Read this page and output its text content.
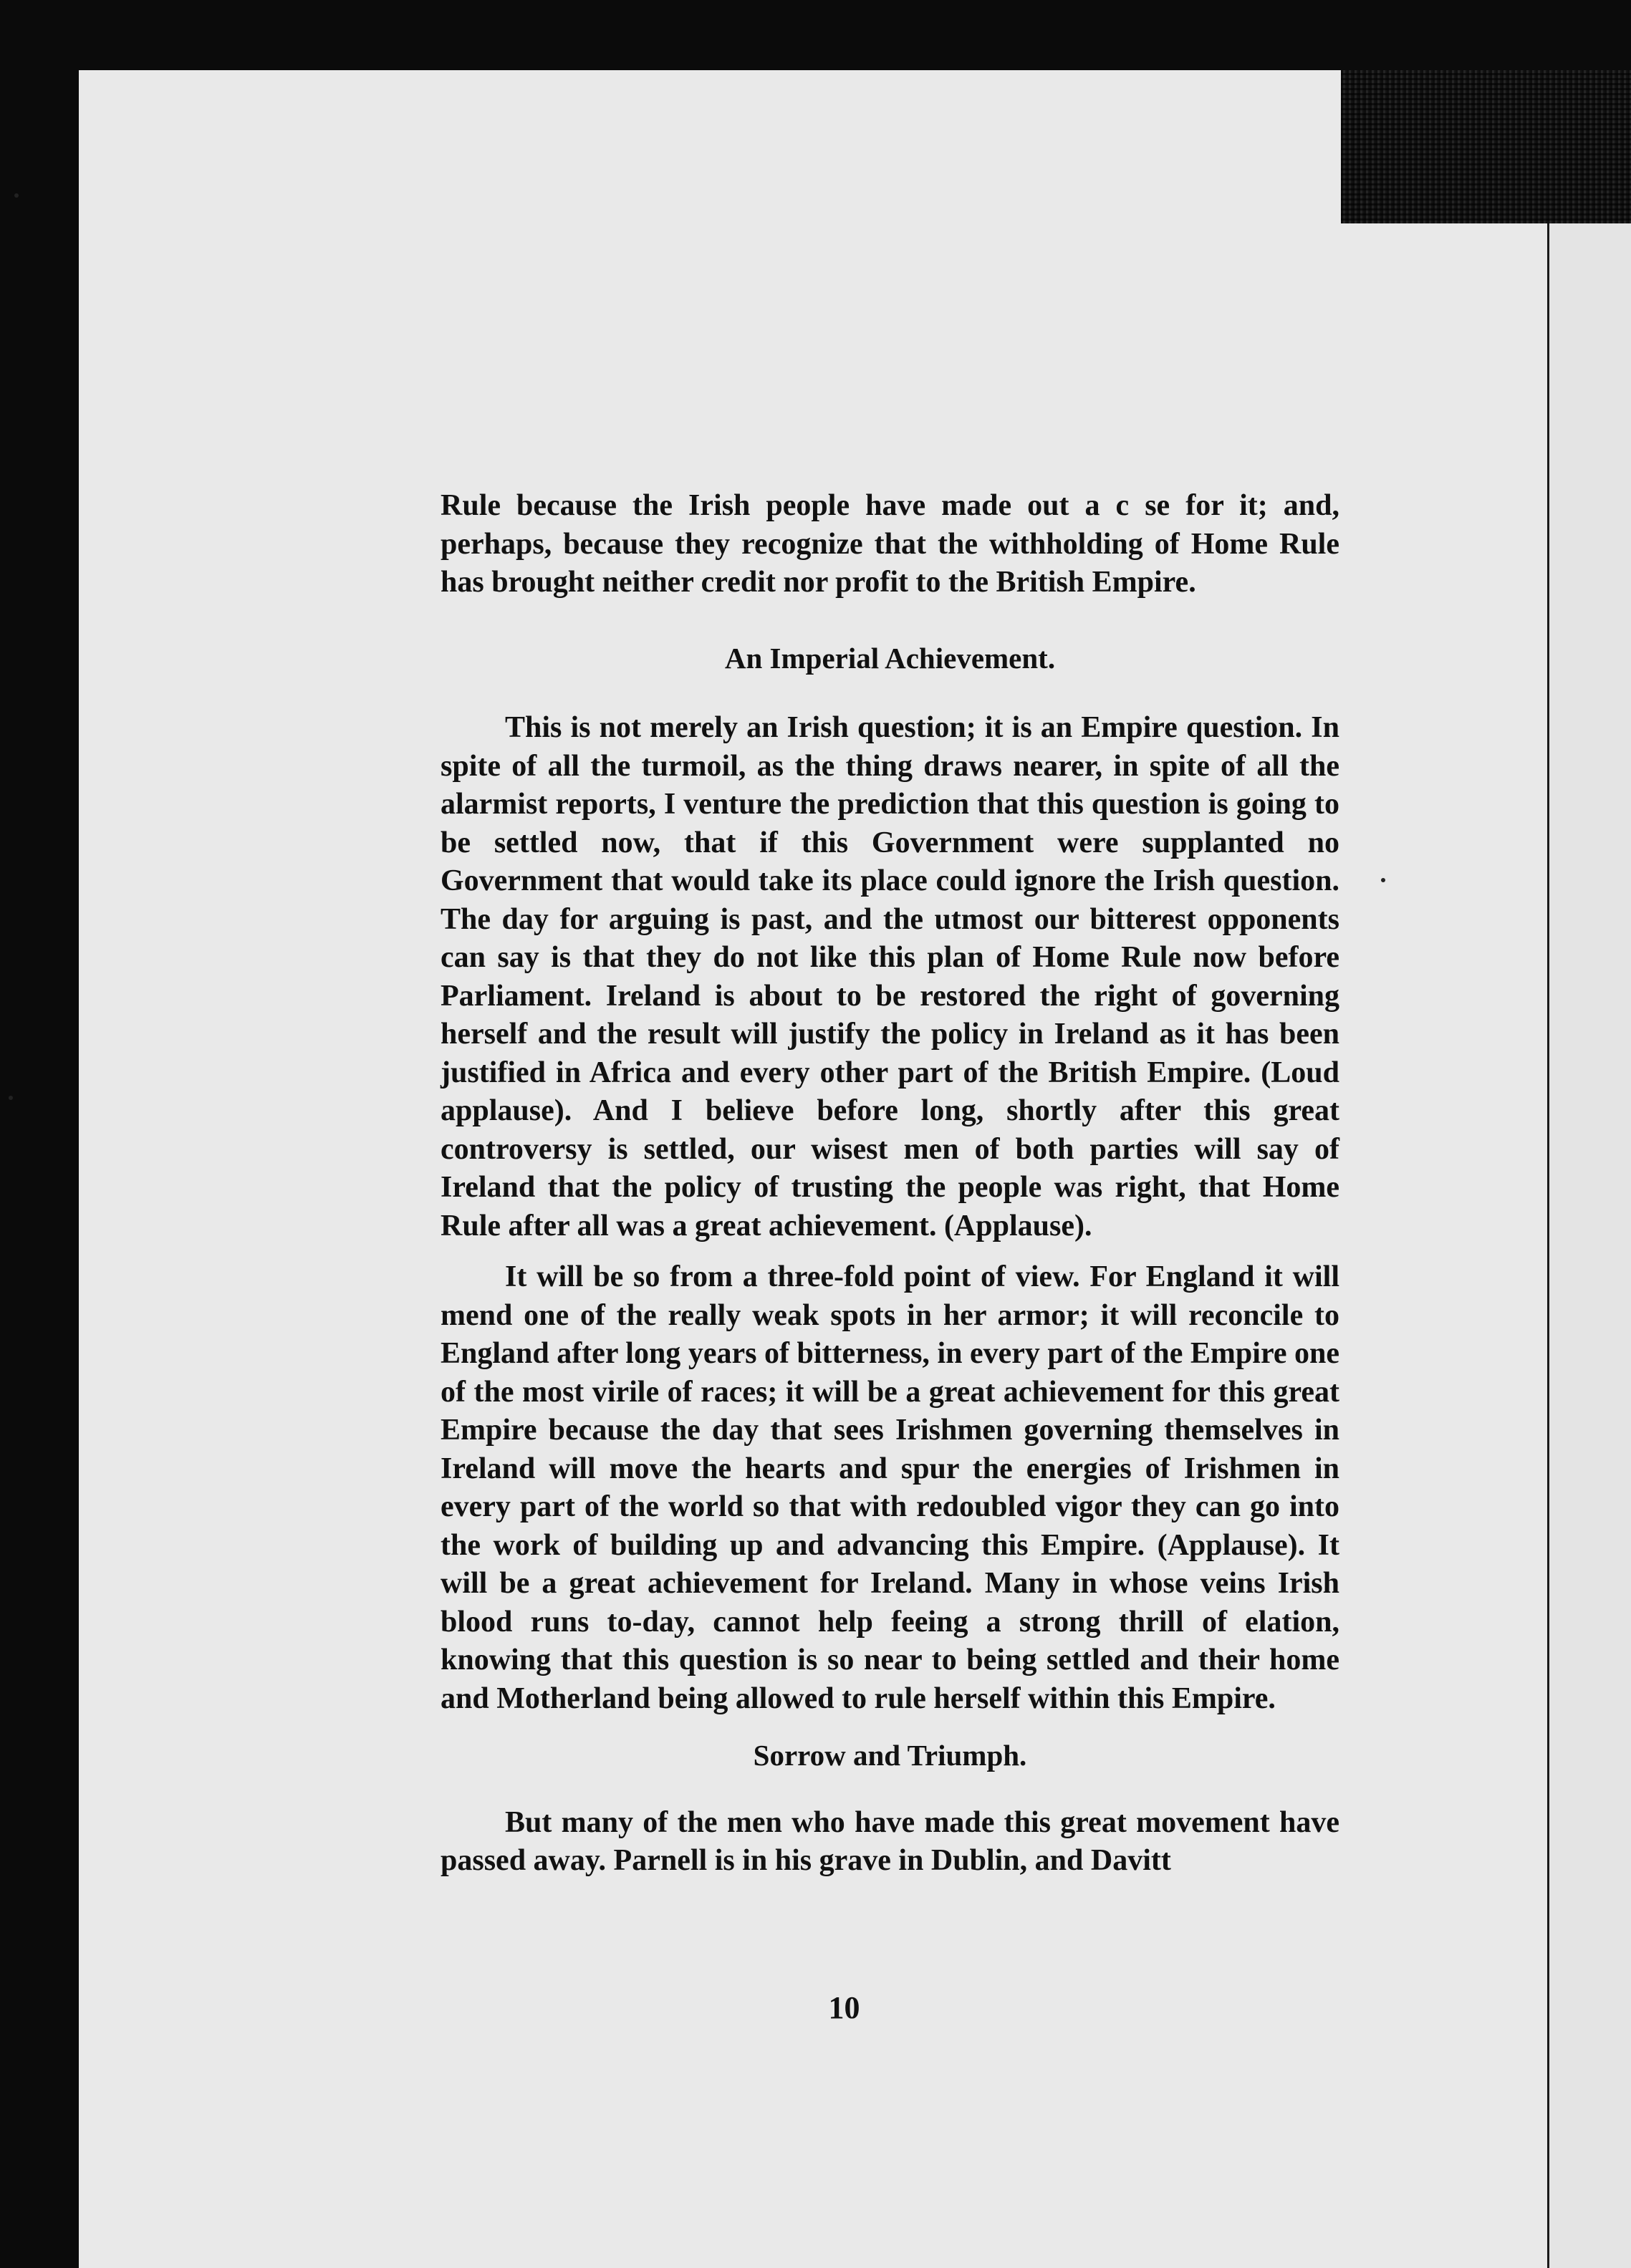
Rule because the Irish people have made out a c se for it; and, perhaps, because they recognize that the withholding of Home Rule has brought neither credit nor profit to the British Empire.

An Imperial Achievement.

This is not merely an Irish question; it is an Empire question. In spite of all the turmoil, as the thing draws nearer, in spite of all the alarmist reports, I venture the prediction that this question is going to be settled now, that if this Government were supplanted no Government that would take its place could ignore the Irish question. The day for arguing is past, and the utmost our bitterest opponents can say is that they do not like this plan of Home Rule now before Parliament. Ireland is about to be restored the right of governing herself and the result will justify the policy in Ireland as it has been justified in Africa and every other part of the British Empire. (Loud applause). And I believe before long, shortly after this great controversy is settled, our wisest men of both parties will say of Ireland that the policy of trusting the people was right, that Home Rule after all was a great achievement. (Applause).

It will be so from a three-fold point of view. For England it will mend one of the really weak spots in her armor; it will reconcile to England after long years of bitterness, in every part of the Empire one of the most virile of races; it will be a great achievement for this great Empire because the day that sees Irishmen governing themselves in Ireland will move the hearts and spur the energies of Irishmen in every part of the world so that with redoubled vigor they can go into the work of building up and advancing this Empire. (Applause). It will be a great achievement for Ireland. Many in whose veins Irish blood runs to-day, cannot help feeing a strong thrill of elation, knowing that this question is so near to being settled and their home and Motherland being allowed to rule herself within this Empire.

Sorrow and Triumph.

But many of the men who have made this great movement have passed away. Parnell is in his grave in Dublin, and Davitt

10
